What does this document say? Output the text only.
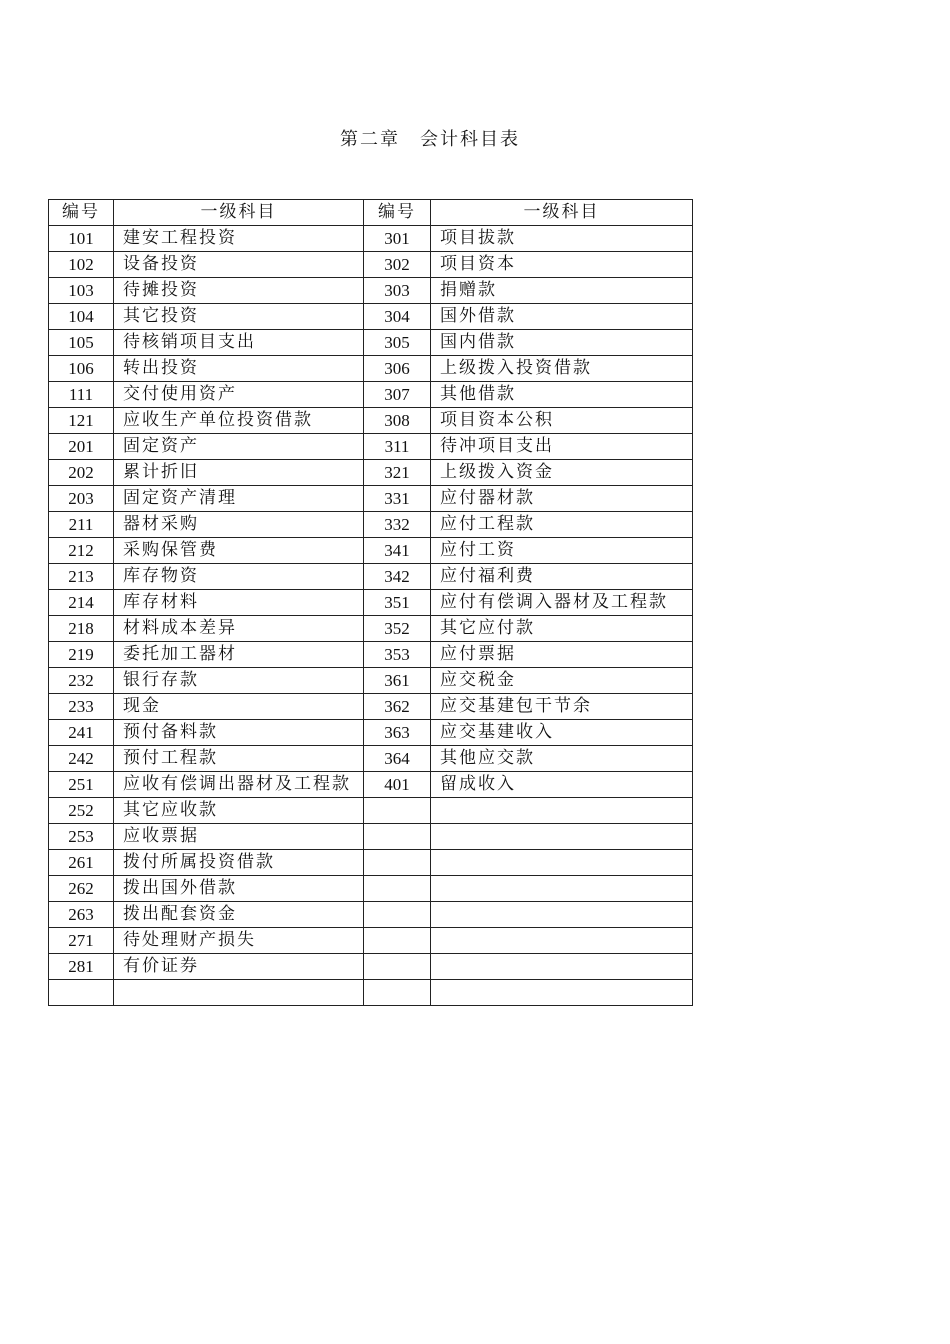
第二章　会计科目表
编号	一级科目	编号	一级科目
101	建安工程投资	301	项目拔款
102	设备投资	302	项目资本
103	待摊投资	303	捐赠款
104	其它投资	304	国外借款
105	待核销项目支出	305	国内借款
106	转出投资	306	上级拨入投资借款
111	交付使用资产	307	其他借款
121	应收生产单位投资借款	308	项目资本公积
201	固定资产	311	待冲项目支出
202	累计折旧	321	上级拨入资金
203	固定资产清理	331	应付器材款
211	器材采购	332	应付工程款
212	采购保管费	341	应付工资
213	库存物资	342	应付福利费
214	库存材料	351	应付有偿调入器材及工程款
218	材料成本差异	352	其它应付款
219	委托加工器材	353	应付票据
232	银行存款	361	应交税金
233	现金	362	应交基建包干节余
241	预付备料款	363	应交基建收入
242	预付工程款	364	其他应交款
251	应收有偿调出器材及工程款	401	留成收入
252	其它应收款		
253	应收票据		
261	拨付所属投资借款		
262	拨出国外借款		
263	拨出配套资金		
271	待处理财产损失		
281	有价证券		
